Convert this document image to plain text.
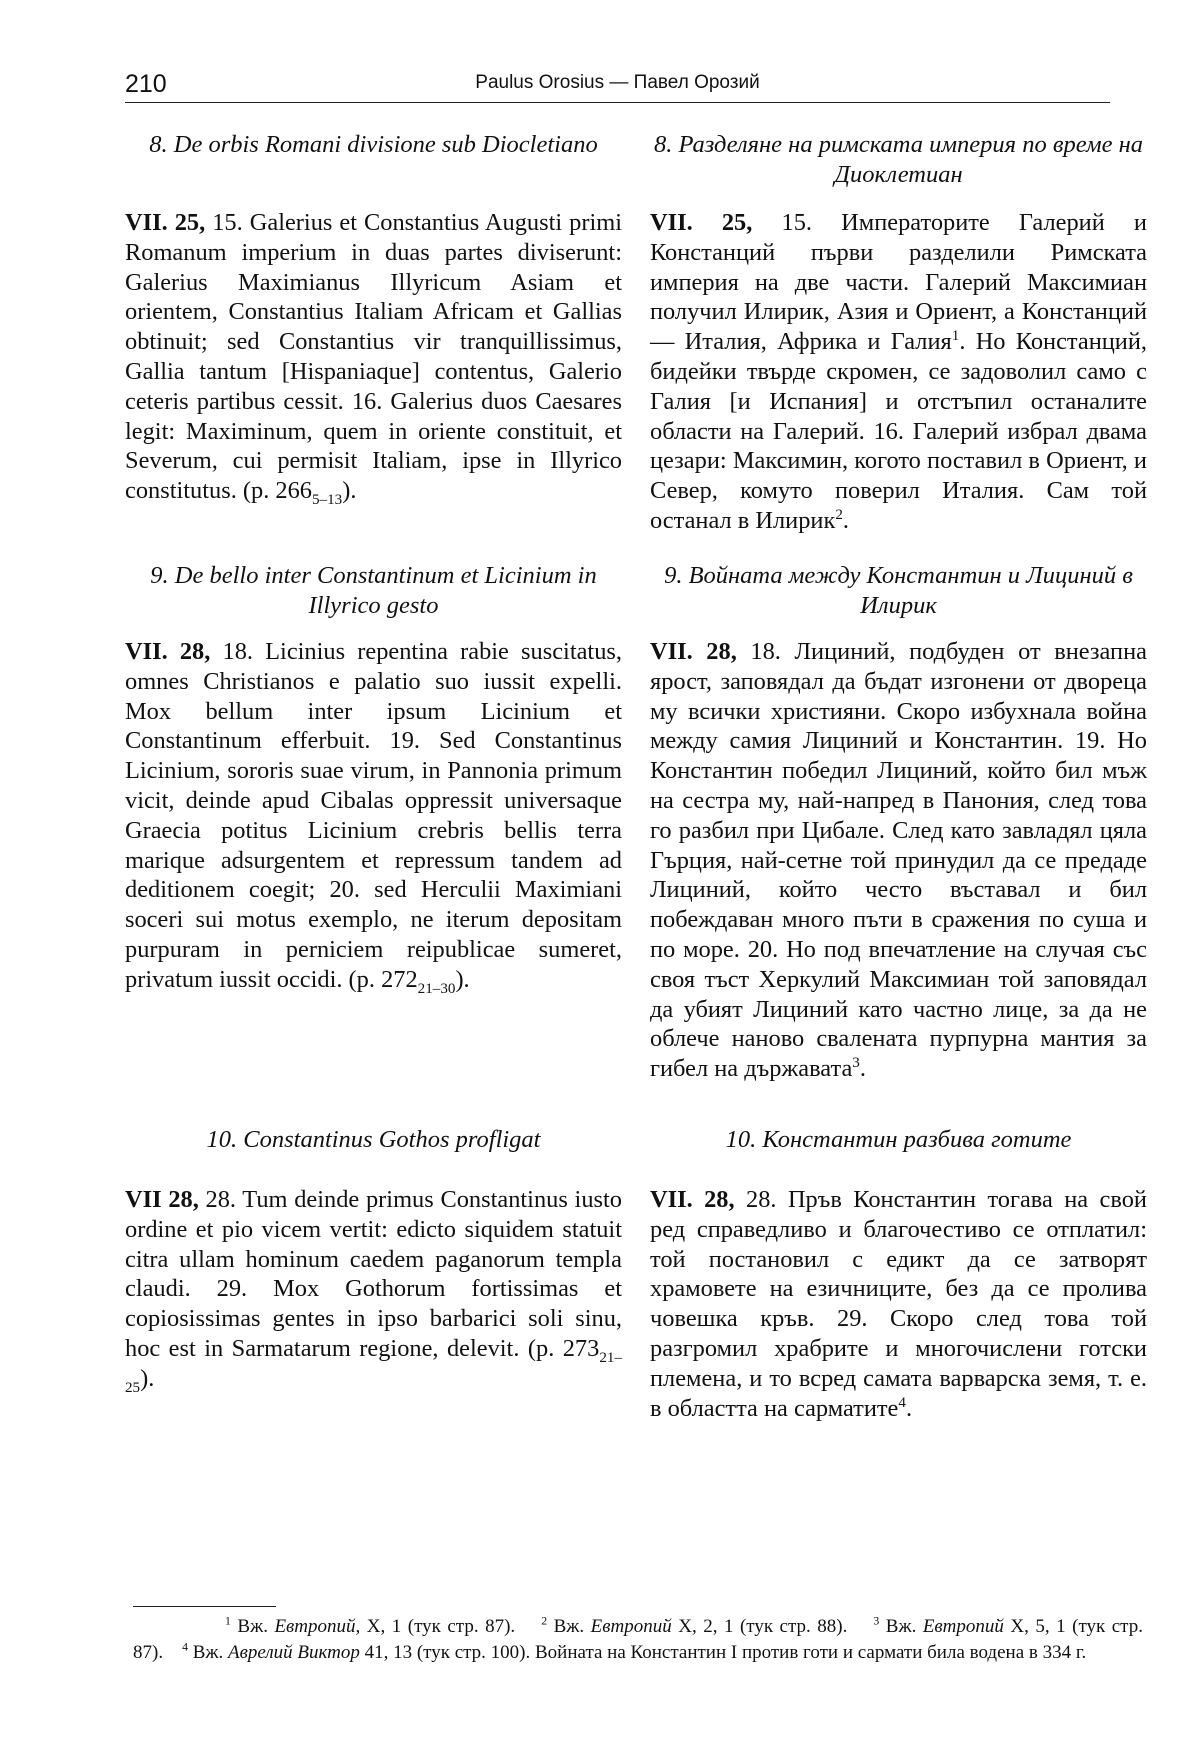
210	Paulus Orosius — Павел Орозий
8. De orbis Romani divisione sub Diocletiano
VII. 25, 15. Galerius et Constantius Augusti primi Romanum imperium in duas partes diviserunt: Galerius Maximianus Illyricum Asiam et orientem, Constantius Italiam Africam et Gallias obtinuit; sed Constantius vir tranquillissimus, Gallia tantum [Hispaniaque] contentus, Galerio ceteris partibus cessit. 16. Galerius duos Caesares legit: Maximinum, quem in oriente constituit, et Severum, cui permisit Italiam, ipse in Illyrico constitutus. (p. $266_{5-13}$).
9. De bello inter Constantinum et Licinium in Illyrico gesto
VII. 28, 18. Licinius repentina rabie suscitatus, omnes Christianos e palatio suo iussit expelli. Mox bellum inter ipsum Licinium et Constantinum efferbuit. 19. Sed Constantinus Licinium, sororis suae virum, in Pannonia primum vicit, deinde apud Cibalas oppressit universaque Graecia potitus Licinium crebris bellis terra marique adsurgentem et repressum tandem ad deditionem coegit; 20. sed Herculii Maximiani soceri sui motus exemplo, ne iterum depositam purpuram in perniciem reipublicae sumeret, privatum iussit occidi. (p. $272_{21-30}$).
10. Constantinus Gothos profligat
VII 28, 28. Tum deinde primus Constantinus iusto ordine et pio vicem vertit: edicto siquidem statuit citra ullam hominum caedem paganorum templa claudi. 29. Mox Gothorum fortissimas et copiosissimas gentes in ipso barbarici soli sinu, hoc est in Sarmatarum regione, delevit. (p. $273_{21-25}$).
8. Разделяне на римската империя по време на Диоклетиан
VII. 25, 15. Императорите Галерий и Констанций първи разделили Римската империя на две части. Галерий Максимиан получил Илирик, Азия и Ориент, а Констанций — Италия, Африка и Галия$^1$. Но Констанций, бидейки твърде скромен, се задоволил само с Галия [и Испания] и отстъпил останалите области на Галерий. 16. Галерий избрал двама цезари: Максимин, когото поставил в Ориент, и Север, комуто поверил Италия. Сам той останал в Илирик$^2$.
9. Войната между Константин и Лициний в Илирик
VII. 28, 18. Лициний, подбуден от внезапна ярост, заповядал да бъдат изгонени от двореца му всички християни. Скоро избухнала война между самия Лициний и Константин. 19. Но Константин победил Лициний, който бил мъж на сестра му, най-напред в Панония, след това го разбил при Цибале. След като завладял цяла Гърция, най-сетне той принудил да се предаде Лициний, който често въставал и бил побеждаван много пъти в сражения по суша и по море. 20. Но под впечатление на случая със своя тъст Херкулий Максимиан той заповядал да убият Лициний като частно лице, за да не облече наново свалената пурпурна мантия за гибел на държавата$^3$.
10. Константин разбива готите
VII. 28, 28. Пръв Константин тогава на свой ред справедливо и благочестиво се отплатил: той постановил с едикт да се затворят храмовете на езичниците, без да се пролива човешка кръв. 29. Скоро след това той разгромил храбрите и многочислени готски племена, и то всред самата варварска земя, т. е. в областта на сарматите$^4$.
$^1$ Вж. Евтропий, X, 1 (тук стр. 87). $^2$ Вж. Евтропий X, 2, 1 (тук стр. 88). $^3$ Вж. Евтропий X, 5, 1 (тук стр. 87). $^4$ Вж. Аврелий Виктор 41, 13 (тук стр. 100). Войната на Константин I против готи и сармати била водена в 334 г.
